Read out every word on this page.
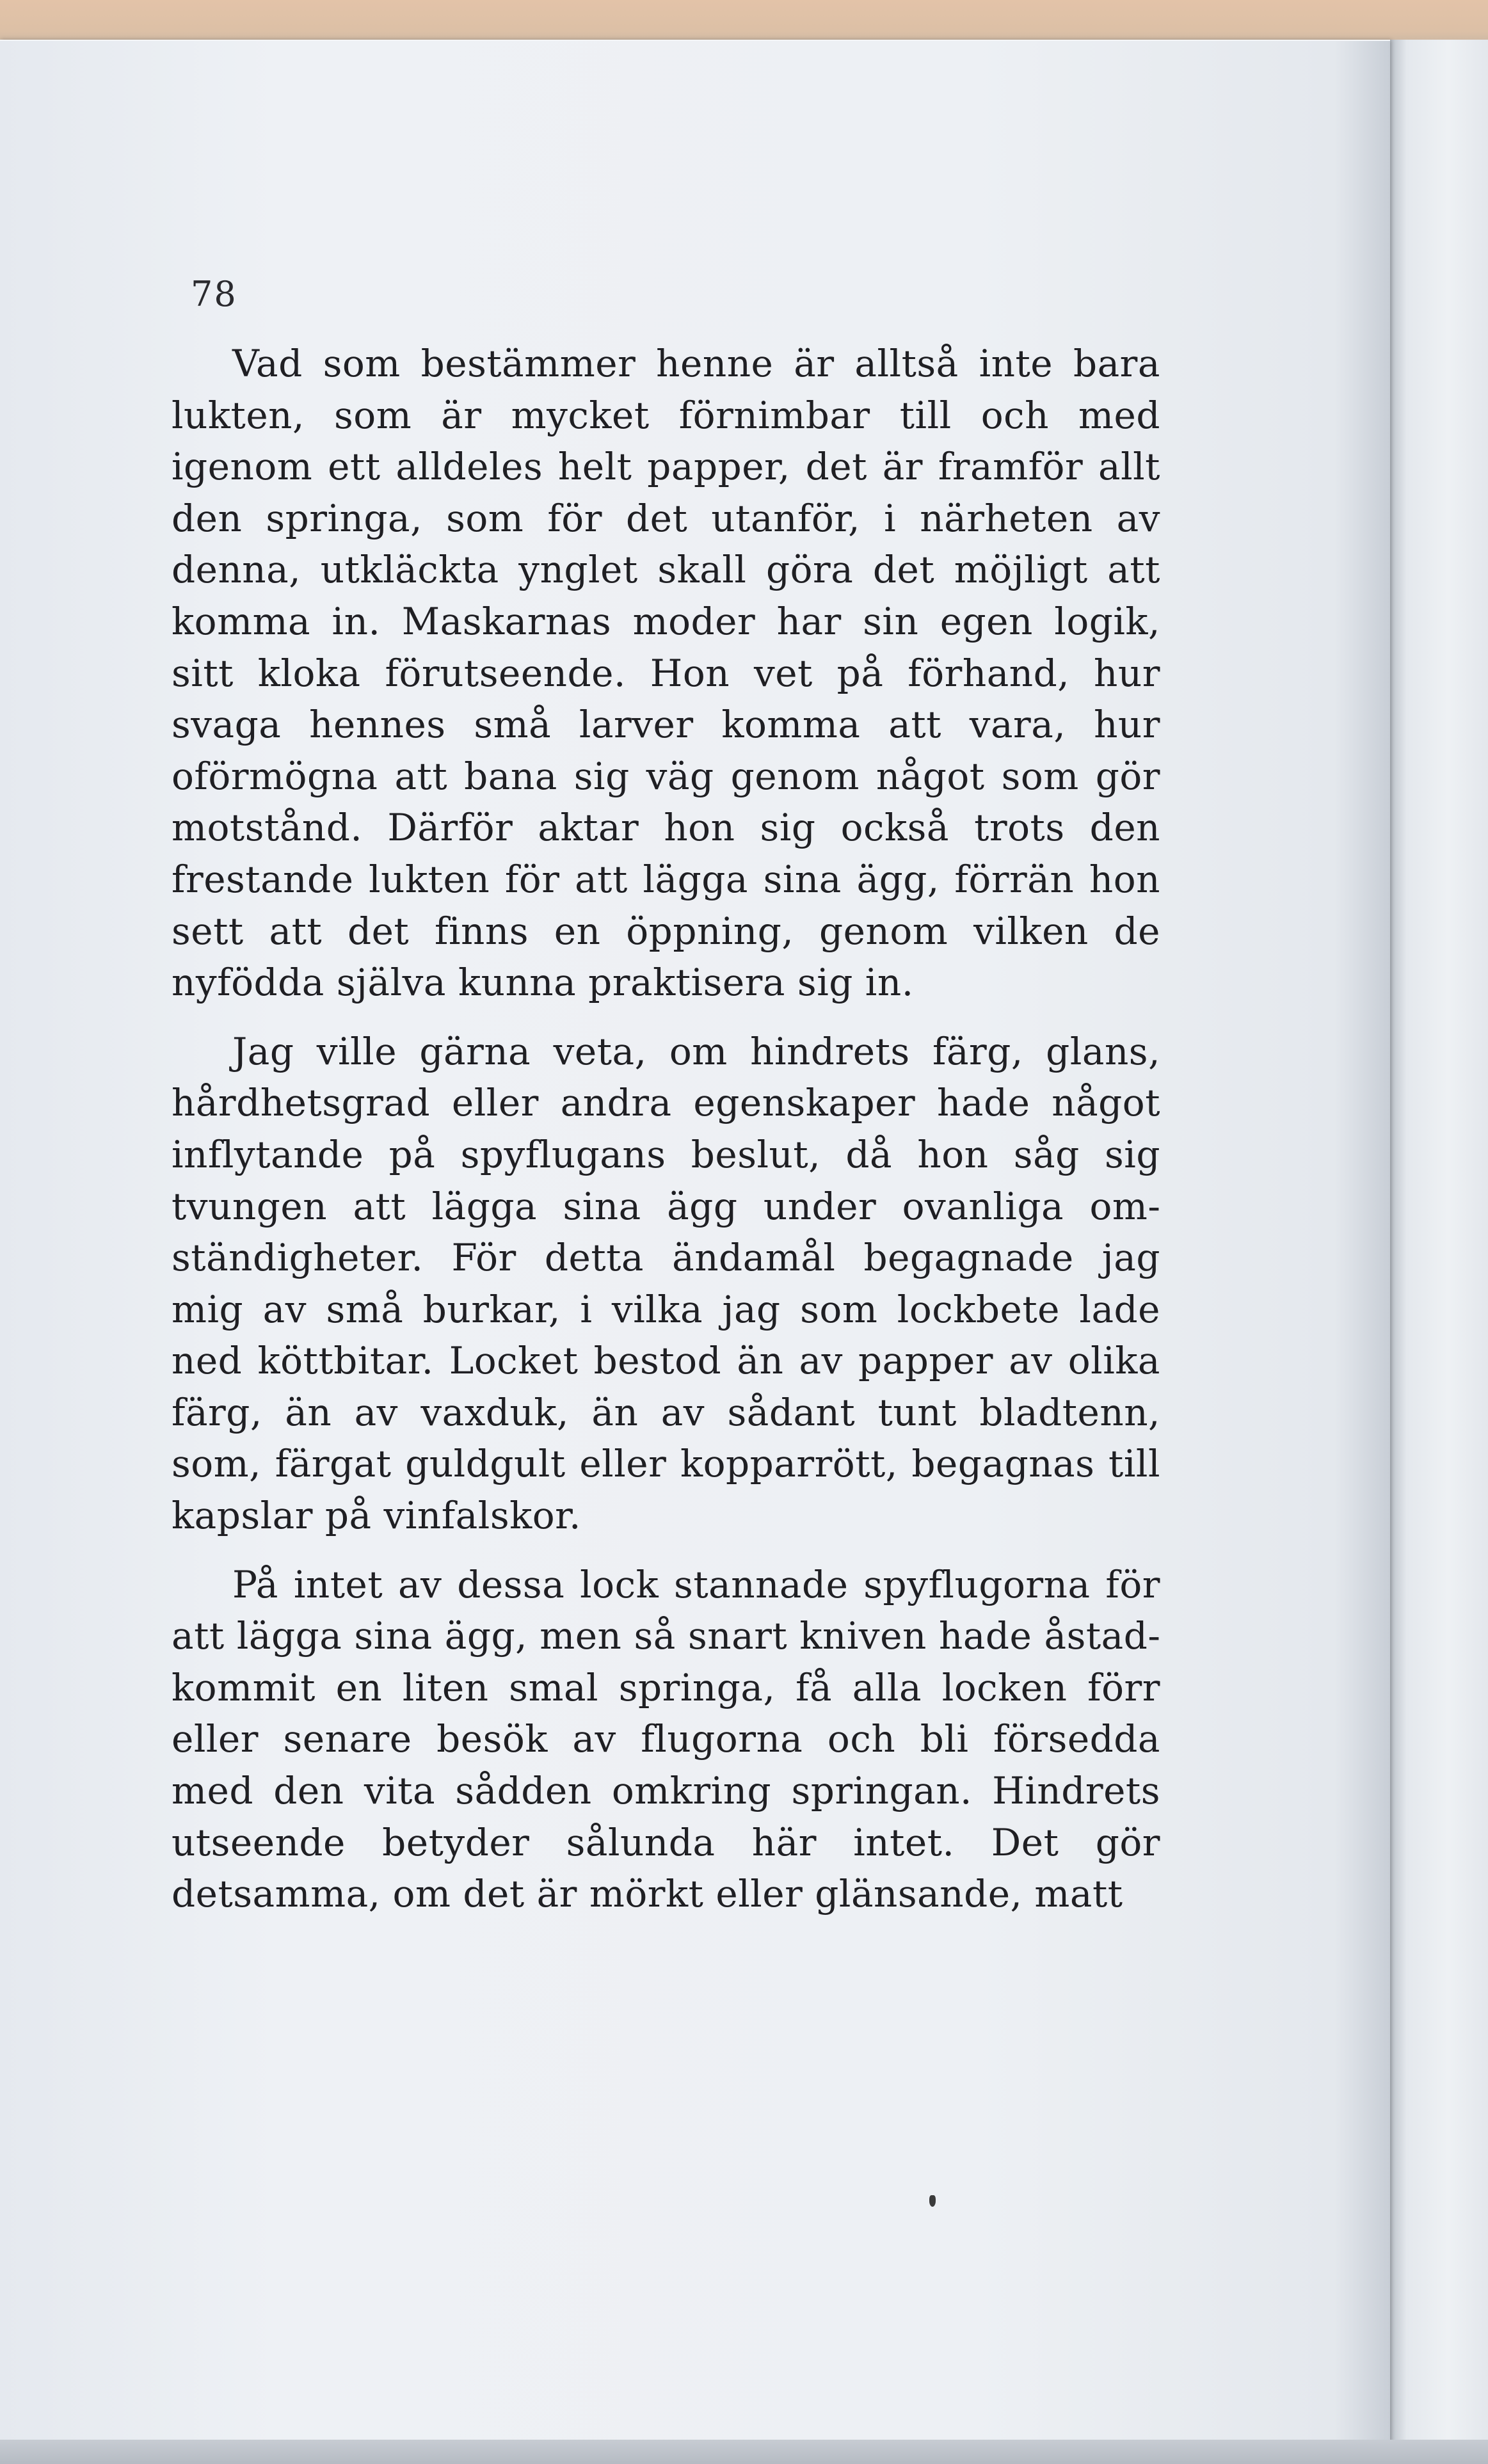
78

Vad som bestämmer henne är alltså inte bara lukten, som är mycket förnimbar till och med igenom ett alldeles helt papper, det är framför allt den springa, som för det utanför, i närheten av denna, utkläckta ynglet skall göra det möjligt att komma in. Maskarnas moder har sin egen logik, sitt kloka förutseende. Hon vet på förhand, hur svaga hennes små larver komma att vara, hur oförmögna att bana sig väg genom något som gör motstånd. Därför aktar hon sig också trots den frestande lukten för att lägga sina ägg, förrän hon sett att det finns en öppning, genom vilken de nyfödda själva kunna praktisera sig in.

Jag ville gärna veta, om hindrets färg, glans, hårdhetsgrad eller andra egenskaper hade något inflytande på spyflugans beslut, då hon såg sig tvungen att lägga sina ägg under ovanliga omständigheter. För detta ändamål begagnade jag mig av små burkar, i vilka jag som lockbete lade ned köttbitar. Locket bestod än av papper av olika färg, än av vaxduk, än av sådant tunt bladtenn, som, färgat guldgult eller kopparrött, begagnas till kapslar på vinfalskor.

På intet av dessa lock stannade spyflugorna för att lägga sina ägg, men så snart kniven hade åstadkommit en liten smal springa, få alla locken förr eller senare besök av flugorna och bli försedda med den vita sådden omkring springan. Hindrets utseende betyder sålunda här intet. Det gör detsamma, om det är mörkt eller glänsande, matt
